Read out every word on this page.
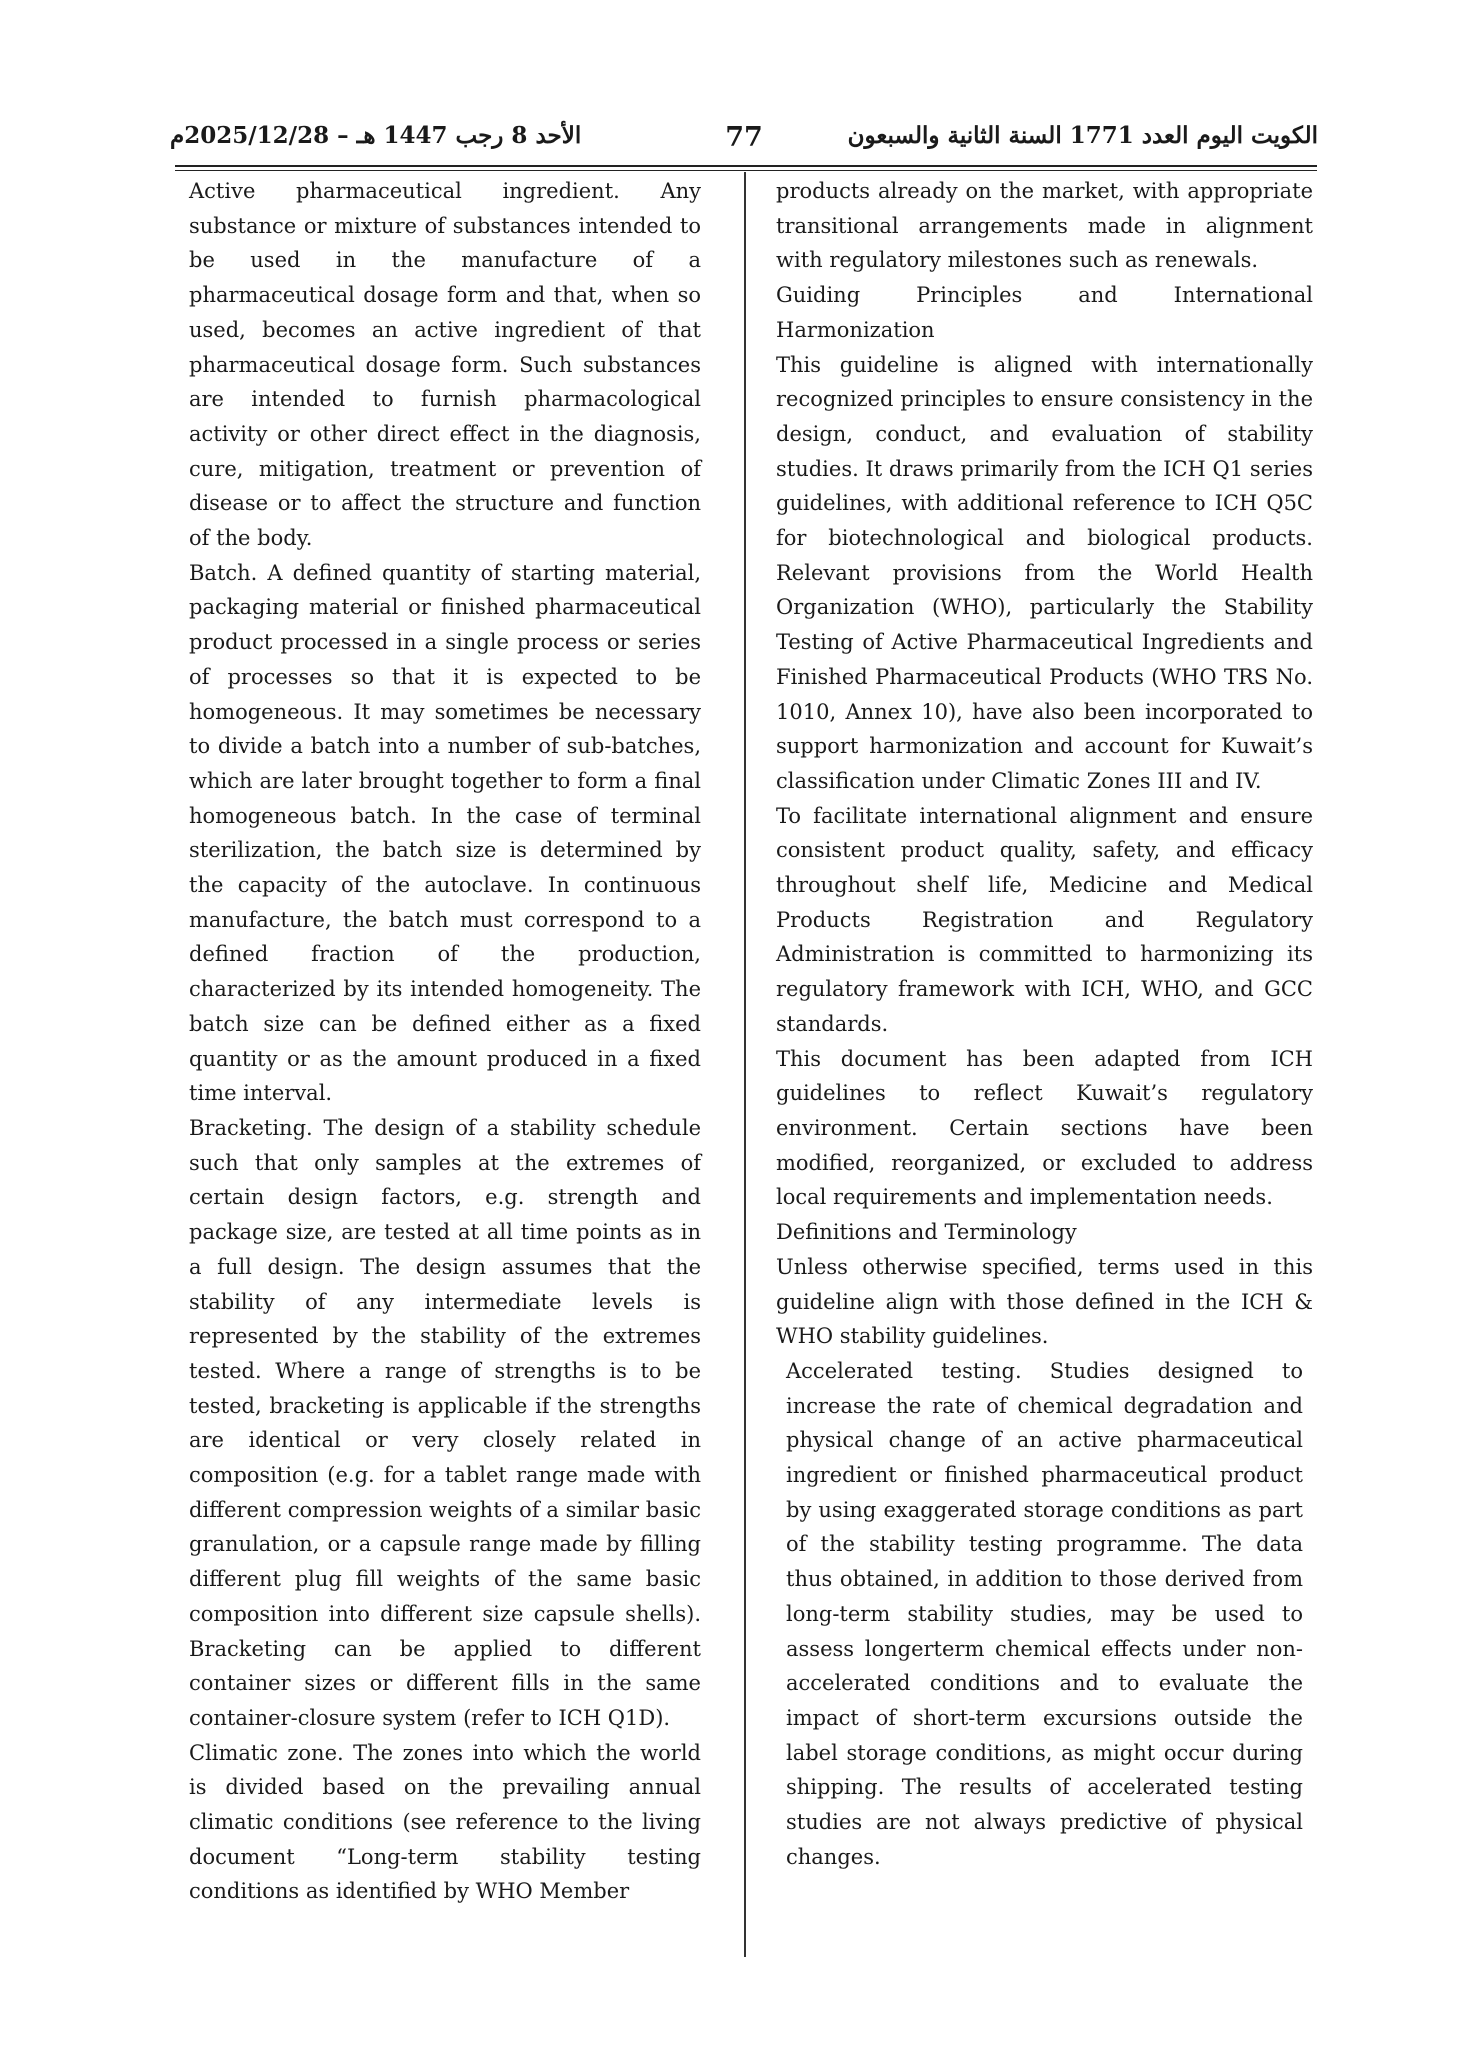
الأحد 8 رجب 1447 هـ – 2025/12/28م	77	الكويت اليوم العدد 1771 السنة الثانية والسبعون

Active pharmaceutical ingredient. Any substance or mixture of substances intended to be used in the manufacture of a pharmaceutical dosage form and that, when so used, becomes an active ingredient of that pharmaceutical dosage form. Such substances are intended to furnish pharmacological activity or other direct effect in the diagnosis, cure, mitigation, treatment or prevention of disease or to affect the structure and function of the body.

Batch. A defined quantity of starting material, packaging material or finished pharmaceutical product processed in a single process or series of processes so that it is expected to be homogeneous. It may sometimes be necessary to divide a batch into a number of sub-batches, which are later brought together to form a final homogeneous batch. In the case of terminal sterilization, the batch size is determined by the capacity of the autoclave. In continuous manufacture, the batch must correspond to a defined fraction of the production, characterized by its intended homogeneity. The batch size can be defined either as a fixed quantity or as the amount produced in a fixed time interval.

Bracketing. The design of a stability schedule such that only samples at the extremes of certain design factors, e.g. strength and package size, are tested at all time points as in a full design. The design assumes that the stability of any intermediate levels is represented by the stability of the extremes tested. Where a range of strengths is to be tested, bracketing is applicable if the strengths are identical or very closely related in composition (e.g. for a tablet range made with different compression weights of a similar basic granulation, or a capsule range made by filling different plug fill weights of the same basic composition into different size capsule shells). Bracketing can be applied to different container sizes or different fills in the same container-closure system (refer to ICH Q1D).

Climatic zone. The zones into which the world is divided based on the prevailing annual climatic conditions (see reference to the living document “Long-term stability testing conditions as identified by WHO Member

products already on the market, with appropriate transitional arrangements made in alignment with regulatory milestones such as renewals.

Guiding Principles and International Harmonization

This guideline is aligned with internationally recognized principles to ensure consistency in the design, conduct, and evaluation of stability studies. It draws primarily from the ICH Q1 series guidelines, with additional reference to ICH Q5C for biotechnological and biological products. Relevant provisions from the World Health Organization (WHO), particularly the Stability Testing of Active Pharmaceutical Ingredients and Finished Pharmaceutical Products (WHO TRS No. 1010, Annex 10), have also been incorporated to support harmonization and account for Kuwait’s classification under Climatic Zones III and IV.

To facilitate international alignment and ensure consistent product quality, safety, and efficacy throughout shelf life, Medicine and Medical Products Registration and Regulatory Administration is committed to harmonizing its regulatory framework with ICH, WHO, and GCC standards.

This document has been adapted from ICH guidelines to reflect Kuwait’s regulatory environment. Certain sections have been modified, reorganized, or excluded to address local requirements and implementation needs.

Definitions and Terminology

Unless otherwise specified, terms used in this guideline align with those defined in the ICH & WHO stability guidelines.

Accelerated testing. Studies designed to increase the rate of chemical degradation and physical change of an active pharmaceutical ingredient or finished pharmaceutical product by using exaggerated storage conditions as part of the stability testing programme. The data thus obtained, in addition to those derived from long-term stability studies, may be used to assess longerterm chemical effects under non-accelerated conditions and to evaluate the impact of short-term excursions outside the label storage conditions, as might occur during shipping. The results of accelerated testing studies are not always predictive of physical changes.
